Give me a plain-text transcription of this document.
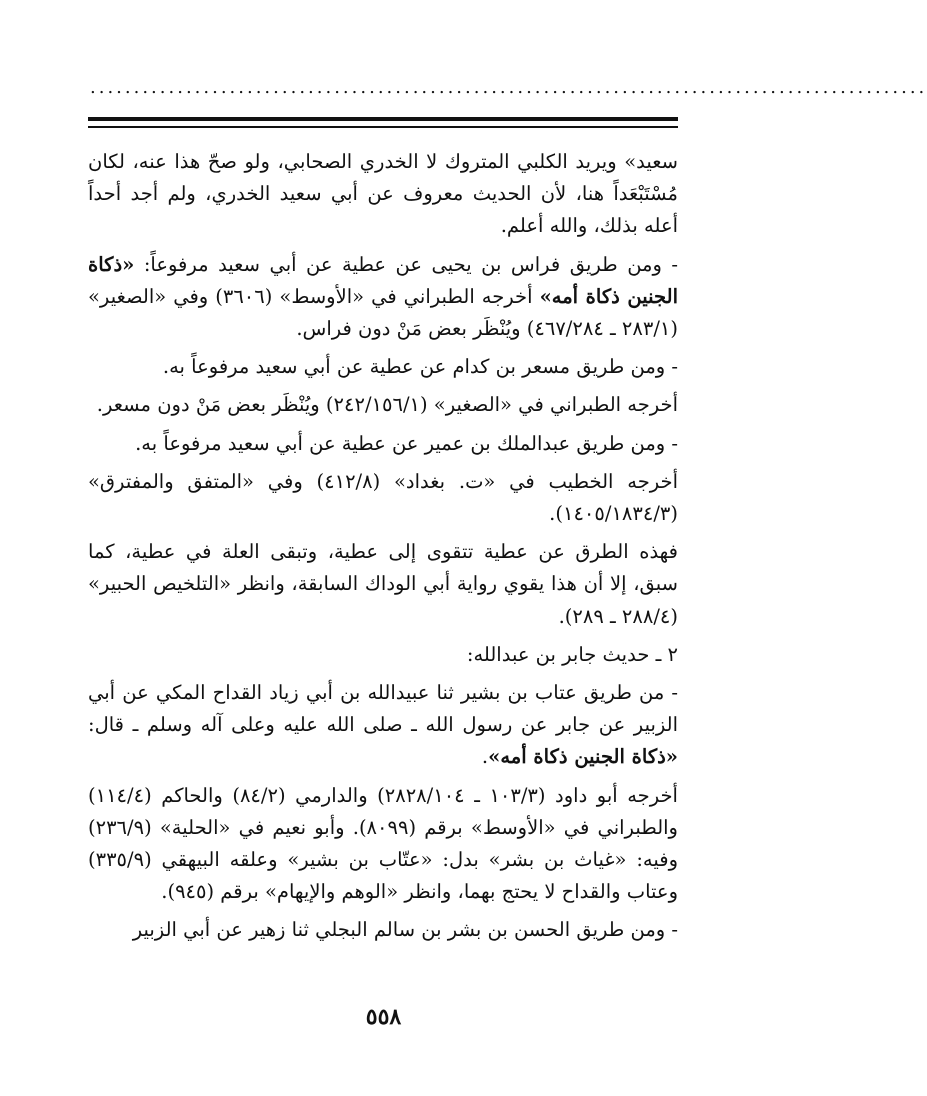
................................................................................................

سعيد» ويريد الكلبي المتروك لا الخدري الصحابي، ولو صحّ هذا عنه، لكان مُسْتَبْعَداً هنا، لأن الحديث معروف عن أبي سعيد الخدري، ولم أجد أحداً أعله بذلك، والله أعلم.

- ومن طريق فراس بن يحيى عن عطية عن أبي سعيد مرفوعاً: «ذكاة الجنين ذكاة أمه» أخرجه الطبراني في «الأوسط» (٣٦٠٦) وفي «الصغير» (٢٨٣/١ ـ ٤٦٧/٢٨٤) ويُنْظَر بعض مَنْ دون فراس.

- ومن طريق مسعر بن كدام عن عطية عن أبي سعيد مرفوعاً به.

أخرجه الطبراني في «الصغير» (٢٤٢/١٥٦/١) ويُنْظَر بعض مَنْ دون مسعر.

- ومن طريق عبدالملك بن عمير عن عطية عن أبي سعيد مرفوعاً به.

أخرجه الخطيب في «ت. بغداد» (٤١٢/٨) وفي «المتفق والمفترق» (١٤٠٥/١٨٣٤/٣).

فهذه الطرق عن عطية تتقوى إلى عطية، وتبقى العلة في عطية، كما سبق، إلا أن هذا يقوي رواية أبي الوداك السابقة، وانظر «التلخيص الحبير» (٢٨٨/٤ ـ ٢٨٩).

٢ ـ حديث جابر بن عبدالله:

- من طريق عتاب بن بشير ثنا عبيدالله بن أبي زياد القداح المكي عن أبي الزبير عن جابر عن رسول الله ـ صلى الله عليه وعلى آله وسلم ـ قال: «ذكاة الجنين ذكاة أمه».

أخرجه أبو داود (١٠٣/٣ ـ ٢٨٢٨/١٠٤) والدارمي (٨٤/٢) والحاكم (١١٤/٤) والطبراني في «الأوسط» برقم (٨٠٩٩). وأبو نعيم في «الحلية» (٢٣٦/٩) وفيه: «غياث بن بشر» بدل: «عتّاب بن بشير» وعلقه البيهقي (٣٣٥/٩) وعتاب والقداح لا يحتج بهما، وانظر «الوهم والإيهام» برقم (٩٤٥).

- ومن طريق الحسن بن بشر بن سالم البجلي ثنا زهير عن أبي الزبير

٥٥٨
